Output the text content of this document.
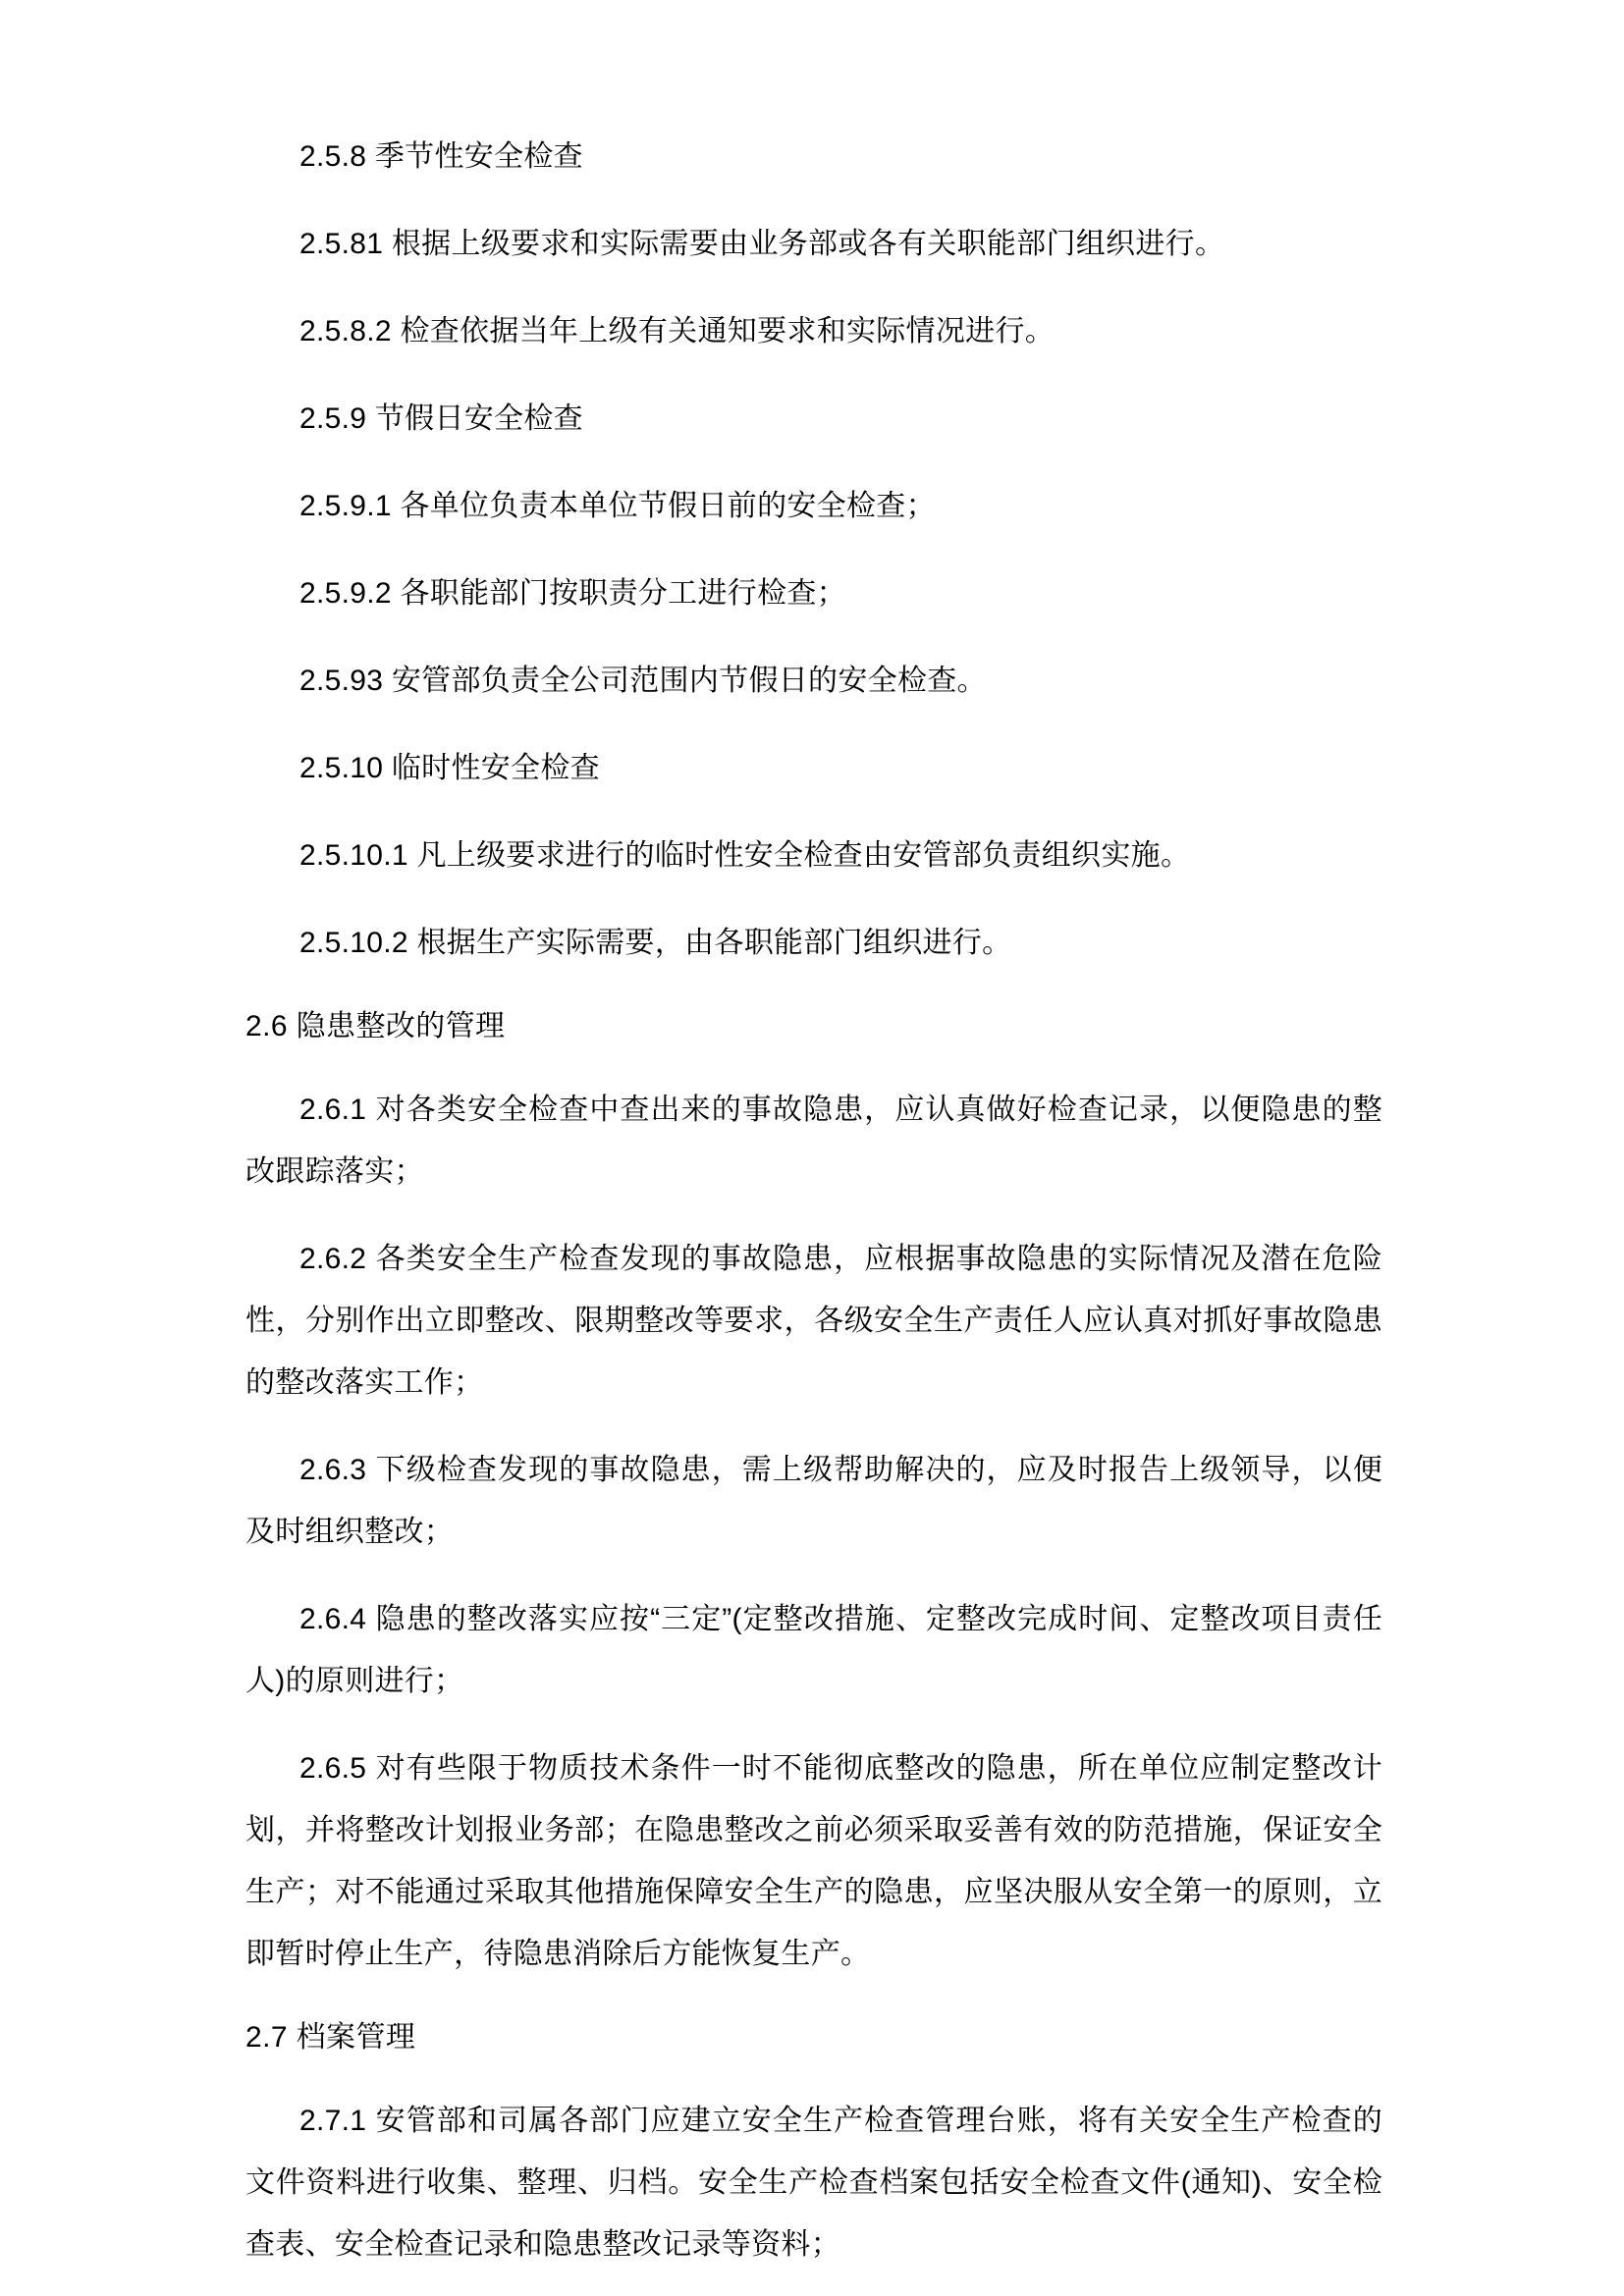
2.5.8 季节性安全检查
2.5.81 根据上级要求和实际需要由业务部或各有关职能部门组织进行。
2.5.8.2 检查依据当年上级有关通知要求和实际情况进行。
2.5.9 节假日安全检查
2.5.9.1 各单位负责本单位节假日前的安全检查；
2.5.9.2 各职能部门按职责分工进行检查；
2.5.93 安管部负责全公司范围内节假日的安全检查。
2.5.10 临时性安全检查
2.5.10.1 凡上级要求进行的临时性安全检查由安管部负责组织实施。
2.5.10.2 根据生产实际需要，由各职能部门组织进行。
2.6 隐患整改的管理
2.6.1 对各类安全检查中查出来的事故隐患，应认真做好检查记录，以便隐患的整改跟踪落实；
2.6.2 各类安全生产检查发现的事故隐患，应根据事故隐患的实际情况及潜在危险性，分别作出立即整改、限期整改等要求，各级安全生产责任人应认真对抓好事故隐患的整改落实工作；
2.6.3 下级检查发现的事故隐患，需上级帮助解决的，应及时报告上级领导，以便及时组织整改；
2.6.4 隐患的整改落实应按“三定”(定整改措施、定整改完成时间、定整改项目责任人)的原则进行；
2.6.5 对有些限于物质技术条件一时不能彻底整改的隐患，所在单位应制定整改计划，并将整改计划报业务部；在隐患整改之前必须采取妥善有效的防范措施，保证安全生产；对不能通过采取其他措施保障安全生产的隐患，应坚决服从安全第一的原则，立即暂时停止生产，待隐患消除后方能恢复生产。
2.7 档案管理
2.7.1 安管部和司属各部门应建立安全生产检查管理台账，将有关安全生产检查的文件资料进行收集、整理、归档。安全生产检查档案包括安全检查文件(通知)、安全检查表、安全检查记录和隐患整改记录等资料；
